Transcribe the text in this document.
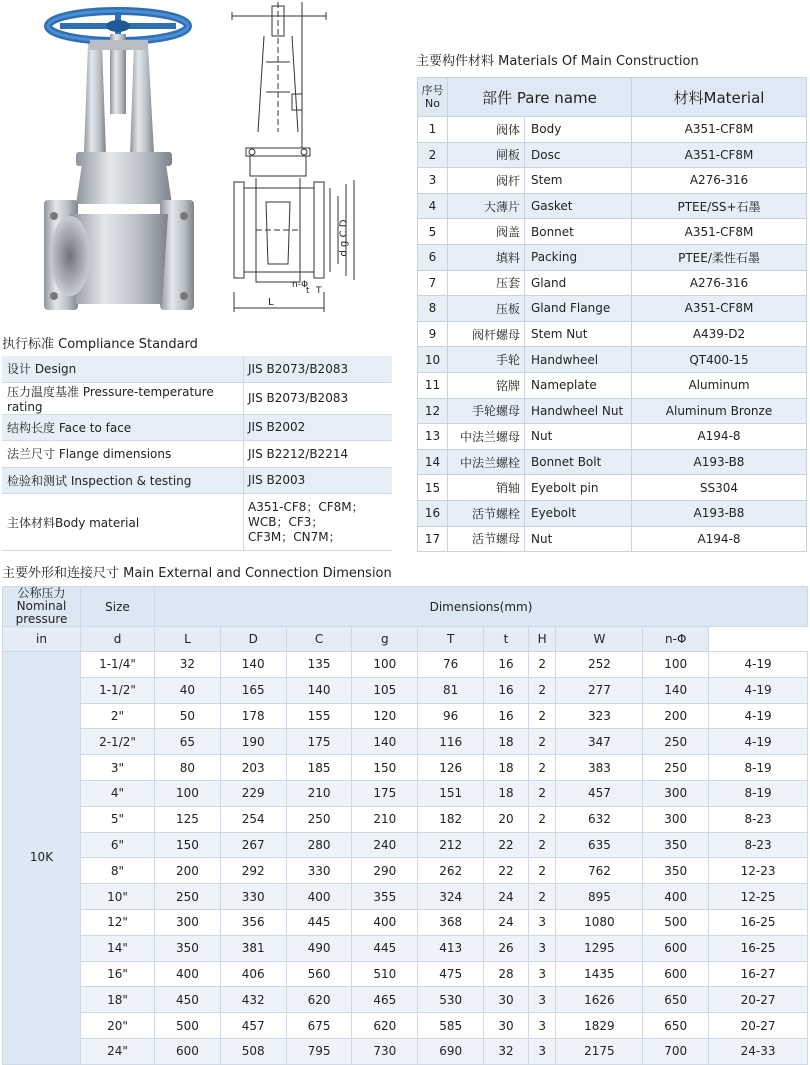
d g C D
L
n-Φ
t T
主要构件材料 Materials Of Main Construction
序号
No	部件 Pare name		材料Material
1	阀体	Body	A351-CF8M
2	闸板	Dosc	A351-CF8M
3	阀杆	Stem	A276-316
4	大薄片	Gasket	PTEE/SS+石墨
5	阀盖	Bonnet	A351-CF8M
6	填料	Packing	PTEE/柔性石墨
7	压套	Gland	A276-316
8	压板	Gland Flange	A351-CF8M
9	阀杆螺母	Stem Nut	A439-D2
10	手轮	Handwheel	QT400-15
11	铭牌	Nameplate	Aluminum
12	手轮螺母	Handwheel Nut	Aluminum Bronze
13	中法兰螺母	Nut	A194-8
14	中法兰螺栓	Bonnet Bolt	A193-B8
15	销轴	Eyebolt pin	SS304
16	活节螺栓	Eyebolt	A193-B8
17	活节螺母	Nut	A194-8
执行标准 Compliance Standard
设计 Design	JIS B2073/B2083
压力温度基准 Pressure-temperature rating	JIS B2073/B2083
结构长度 Face to face	JIS B2002
法兰尺寸 Flange dimensions	JIS B2212/B2214
检验和测试 Inspection & testing	JIS B2003
主体材料Body material	A351-CF8；CF8M；
WCB；CF3；
CF3M；CN7M；
主要外形和连接尺寸 Main External and Connection Dimension
公称压力
Nominal
pressure	Size	Dimensions(mm)									
in	d	L	D	C	g	T	t	H	W	n-Φ	
10K	1-1/4"	32	140	135	100	76	16	2	252	100	4-19
	1-1/2"	40	165	140	105	81	16	2	277	140	4-19
	2"	50	178	155	120	96	16	2	323	200	4-19
	2-1/2"	65	190	175	140	116	18	2	347	250	4-19
	3"	80	203	185	150	126	18	2	383	250	8-19
	4"	100	229	210	175	151	18	2	457	300	8-19
	5"	125	254	250	210	182	20	2	632	300	8-23
	6"	150	267	280	240	212	22	2	635	350	8-23
	8"	200	292	330	290	262	22	2	762	350	12-23
	10"	250	330	400	355	324	24	2	895	400	12-25
	12"	300	356	445	400	368	24	3	1080	500	16-25
	14"	350	381	490	445	413	26	3	1295	600	16-25
	16"	400	406	560	510	475	28	3	1435	600	16-27
	18"	450	432	620	465	530	30	3	1626	650	20-27
	20"	500	457	675	620	585	30	3	1829	650	20-27
	24"	600	508	795	730	690	32	3	2175	700	24-33
